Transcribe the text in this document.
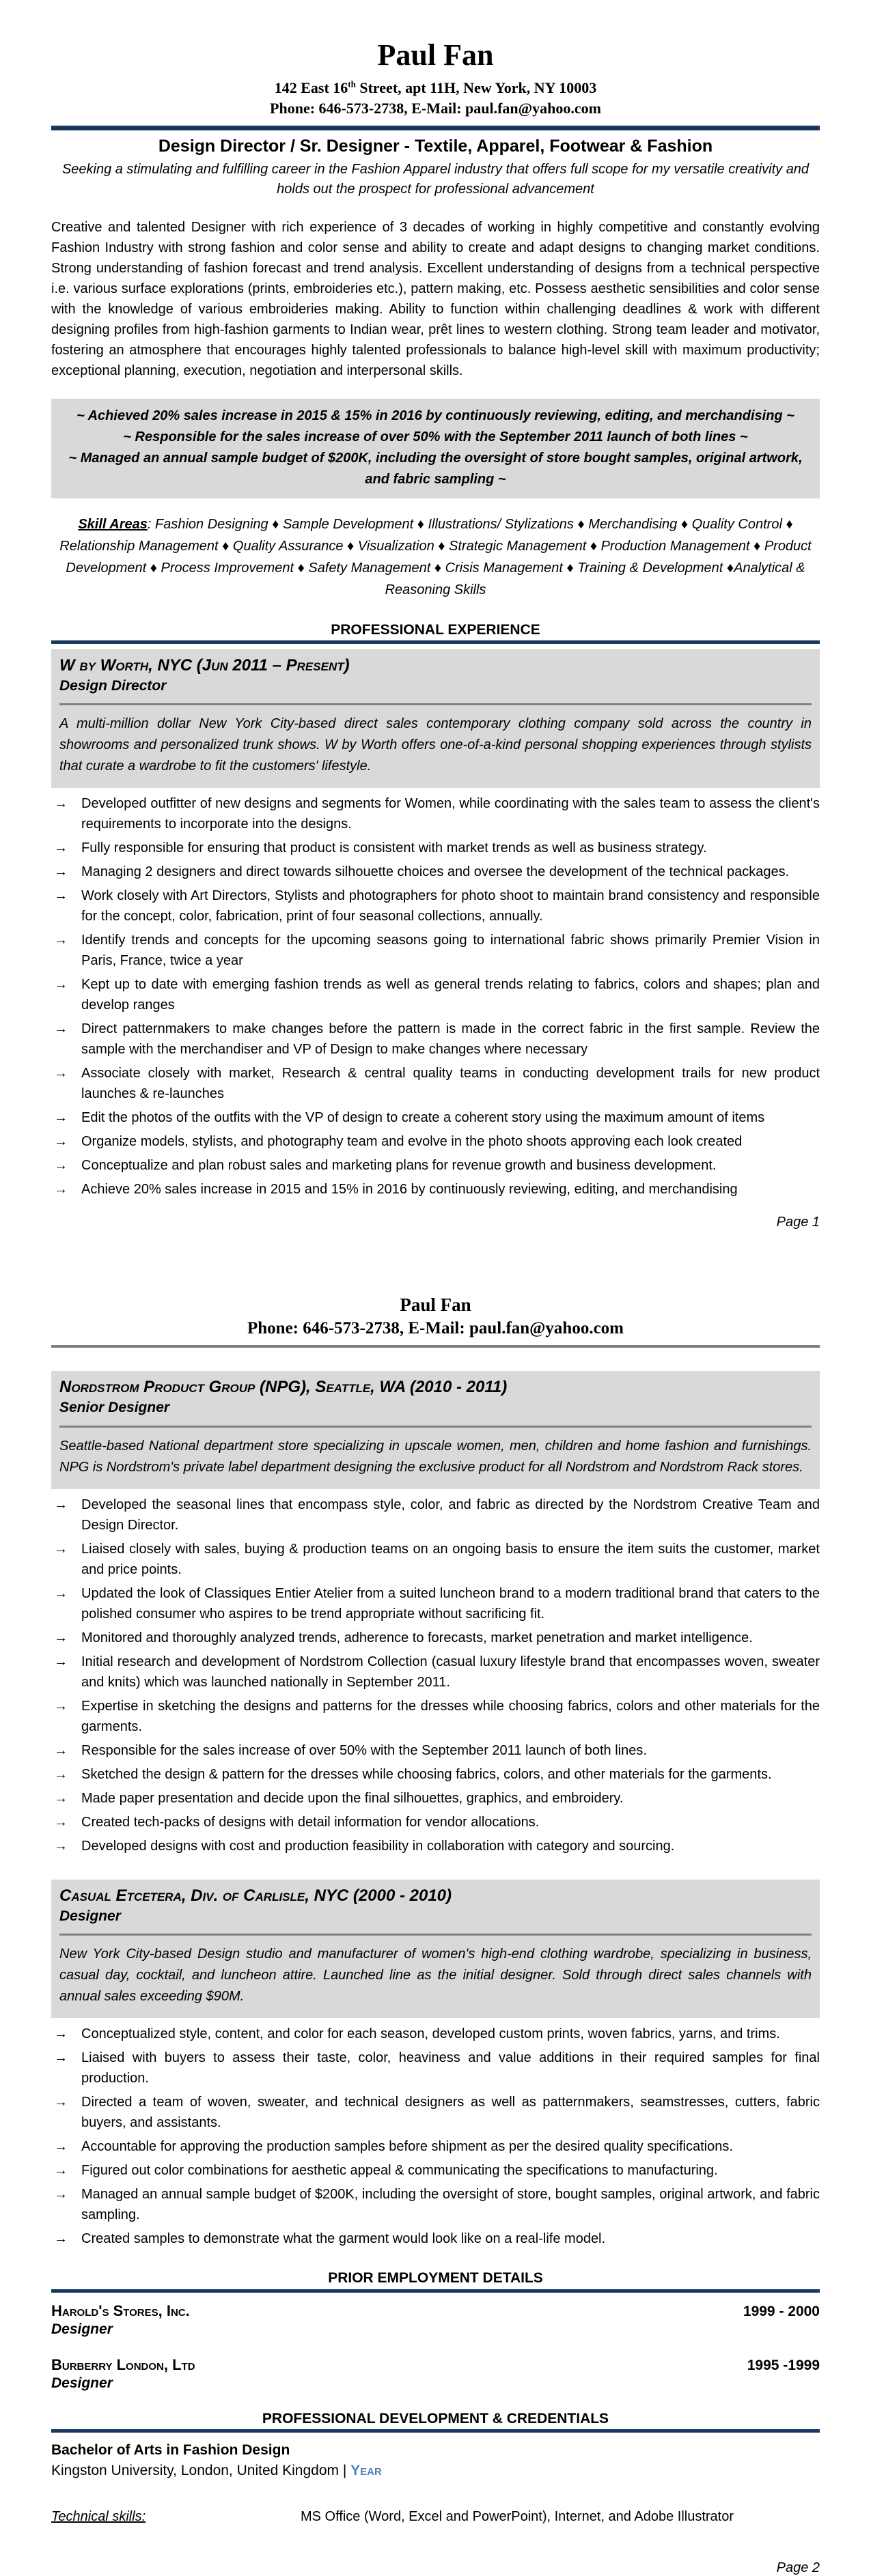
Paul Fan
142 East 16th Street, apt 11H, New York, NY 10003
Phone: 646-573-2738, E-Mail: paul.fan@yahoo.com
Design Director / Sr. Designer - Textile, Apparel, Footwear & Fashion
Seeking a stimulating and fulfilling career in the Fashion Apparel industry that offers full scope for my versatile creativity and holds out the prospect for professional advancement

Creative and talented Designer with rich experience of 3 decades of working in highly competitive and constantly evolving Fashion Industry with strong fashion and color sense and ability to create and adapt designs to changing market conditions. Strong understanding of fashion forecast and trend analysis. Excellent understanding of designs from a technical perspective i.e. various surface explorations (prints, embroideries etc.), pattern making, etc. Possess aesthetic sensibilities and color sense with the knowledge of various embroideries making. Ability to function within challenging deadlines & work with different designing profiles from high-fashion garments to Indian wear, prêt lines to western clothing. Strong team leader and motivator, fostering an atmosphere that encourages highly talented professionals to balance high-level skill with maximum productivity; exceptional planning, execution, negotiation and interpersonal skills.

~ Achieved 20% sales increase in 2015 & 15% in 2016 by continuously reviewing, editing, and merchandising ~
~ Responsible for the sales increase of over 50% with the September 2011 launch of both lines ~
~ Managed an annual sample budget of $200K, including the oversight of store bought samples, original artwork, and fabric sampling ~
Skill Areas: Fashion Designing ♦ Sample Development ♦ Illustrations/ Stylizations ♦ Merchandising ♦ Quality Control ♦ Relationship Management ♦ Quality Assurance ♦ Visualization ♦ Strategic Management ♦ Production Management ♦ Product Development ♦ Process Improvement ♦ Safety Management ♦ Crisis Management ♦ Training & Development ♦Analytical & Reasoning Skills
PROFESSIONAL EXPERIENCE
W by Worth, NYC (Jun 2011 – Present)
Design Director

A multi-million dollar New York City-based direct sales contemporary clothing company sold across the country in showrooms and personalized trunk shows. W by Worth offers one-of-a-kind personal shopping experiences through stylists that curate a wardrobe to fit the customers' lifestyle.

→	Developed outfitter of new designs and segments for Women, while coordinating with the sales team to assess the client's requirements to incorporate into the designs.
→	Fully responsible for ensuring that product is consistent with market trends as well as business strategy.
→	Managing 2 designers and direct towards silhouette choices and oversee the development of the technical packages.
→	Work closely with Art Directors, Stylists and photographers for photo shoot to maintain brand consistency and responsible for the concept, color, fabrication, print of four seasonal collections, annually.
→	Identify trends and concepts for the upcoming seasons going to international fabric shows primarily Premier Vision in Paris, France, twice a year
→	Kept up to date with emerging fashion trends as well as general trends relating to fabrics, colors and shapes; plan and develop ranges
→	Direct patternmakers to make changes before the pattern is made in the correct fabric in the first sample. Review the sample with the merchandiser and VP of Design to make changes where necessary
→	Associate closely with market, Research & central quality teams in conducting development trails for new product launches & re-launches
→	Edit the photos of the outfits with the VP of design to create a coherent story using the maximum amount of items
→	Organize models, stylists, and photography team and evolve in the photo shoots approving each look created
→	Conceptualize and plan robust sales and marketing plans for revenue growth and business development.
→	Achieve 20% sales increase in 2015 and 15% in 2016 by continuously reviewing, editing, and merchandising
Page 1
Paul Fan
Phone: 646-573-2738, E-Mail: paul.fan@yahoo.com
Nordstrom Product Group (NPG), Seattle, WA (2010 - 2011)
Senior Designer

Seattle-based National department store specializing in upscale women, men, children and home fashion and furnishings. NPG is Nordstrom's private label department designing the exclusive product for all Nordstrom and Nordstrom Rack stores.

→	Developed the seasonal lines that encompass style, color, and fabric as directed by the Nordstrom Creative Team and Design Director.
→	Liaised closely with sales, buying & production teams on an ongoing basis to ensure the item suits the customer, market and price points.
→	Updated the look of Classiques Entier Atelier from a suited luncheon brand to a modern traditional brand that caters to the polished consumer who aspires to be trend appropriate without sacrificing fit.
→	Monitored and thoroughly analyzed trends, adherence to forecasts, market penetration and market intelligence.
→	Initial research and development of Nordstrom Collection (casual luxury lifestyle brand that encompasses woven, sweater and knits) which was launched nationally in September 2011.
→	Expertise in sketching the designs and patterns for the dresses while choosing fabrics, colors and other materials for the garments.
→	Responsible for the sales increase of over 50% with the September 2011 launch of both lines.
→	Sketched the design & pattern for the dresses while choosing fabrics, colors, and other materials for the garments.
→	Made paper presentation and decide upon the final silhouettes, graphics, and embroidery.
→	Created tech-packs of designs with detail information for vendor allocations.
→	Developed designs with cost and production feasibility in collaboration with category and sourcing.
Casual Etcetera, Div. of Carlisle, NYC (2000 - 2010)
Designer

New York City-based Design studio and manufacturer of women's high-end clothing wardrobe, specializing in business, casual day, cocktail, and luncheon attire. Launched line as the initial designer. Sold through direct sales channels with annual sales exceeding $90M.

→	Conceptualized style, content, and color for each season, developed custom prints, woven fabrics, yarns, and trims.
→	Liaised with buyers to assess their taste, color, heaviness and value additions in their required samples for final production.
→	Directed a team of woven, sweater, and technical designers as well as patternmakers, seamstresses, cutters, fabric buyers, and assistants.
→	Accountable for approving the production samples before shipment as per the desired quality specifications.
→	Figured out color combinations for aesthetic appeal & communicating the specifications to manufacturing.
→	Managed an annual sample budget of $200K, including the oversight of store, bought samples, original artwork, and fabric sampling.
→	Created samples to demonstrate what the garment would look like on a real-life model.
PRIOR EMPLOYMENT DETAILS
Harold's Stores, Inc.	1999 - 2000
Designer
Burberry London, Ltd	1995 -1999
Designer
PROFESSIONAL DEVELOPMENT & CREDENTIALS
Bachelor of Arts in Fashion Design
Kingston University, London, United Kingdom | Year
Technical skills:	MS Office (Word, Excel and PowerPoint), Internet, and Adobe Illustrator
Page 2
